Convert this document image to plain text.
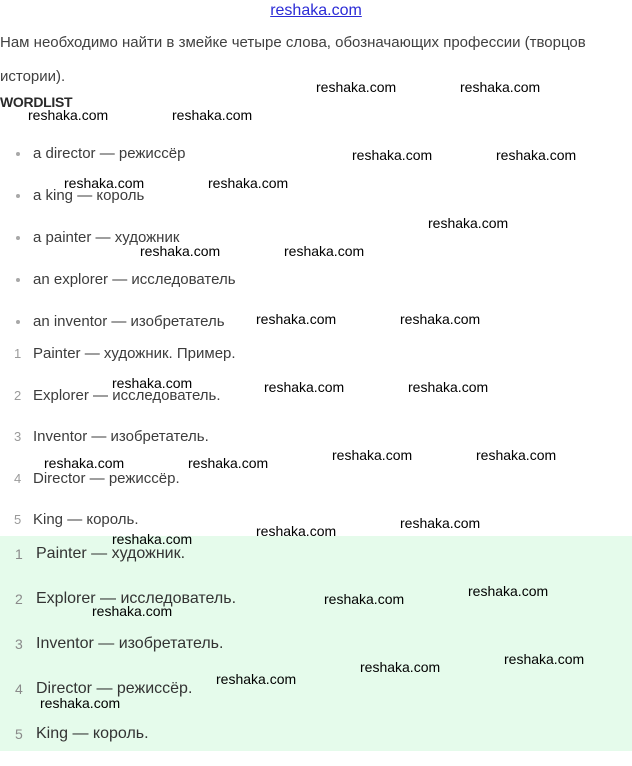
reshaka.com
Нам необходимо найти в змейке четыре слова, обозначающих профессии (творцов истории).
WORDLIST
a director — режиссёр
a king — король
a painter — художник
an explorer — исследователь
an inventor — изобретатель
1 Painter — художник. Пример.
2 Explorer — исследователь.
3 Inventor — изобретатель.
4 Director — режиссёр.
5 King — король.
1 Painter — художник.
2 Explorer — исследователь.
3 Inventor — изобретатель.
4 Director — режиссёр.
5 King — король.
reshaka.com	reshaka.com
reshaka.com	reshaka.com
reshaka.com	reshaka.com
reshaka.com	reshaka.com
reshaka.com
reshaka.com	reshaka.com
reshaka.com	reshaka.com
reshaka.com	reshaka.com	reshaka.com
reshaka.com	reshaka.com
reshaka.com	reshaka.com
reshaka.com
reshaka.com
reshaka.com
reshaka.com
reshaka.com
reshaka.com
reshaka.com
reshaka.com
reshaka.com
reshaka.com
